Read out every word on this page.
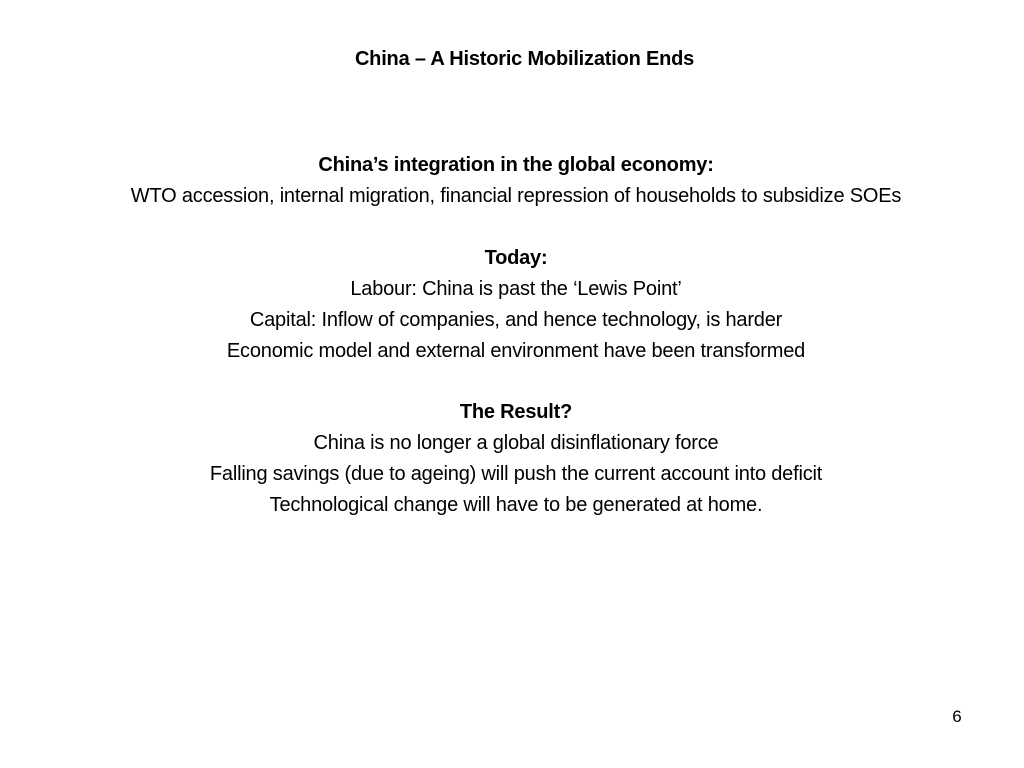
China – A Historic Mobilization Ends
China’s integration in the global economy:
WTO accession, internal migration, financial repression of households to subsidize SOEs
Today:
Labour: China is past the ‘Lewis Point’
Capital: Inflow of companies, and hence technology, is harder
Economic model and external environment have been transformed
The Result?
China is no longer a global disinflationary force
Falling savings (due to ageing) will push the current account into deficit
Technological change will have to be generated at home.
6
